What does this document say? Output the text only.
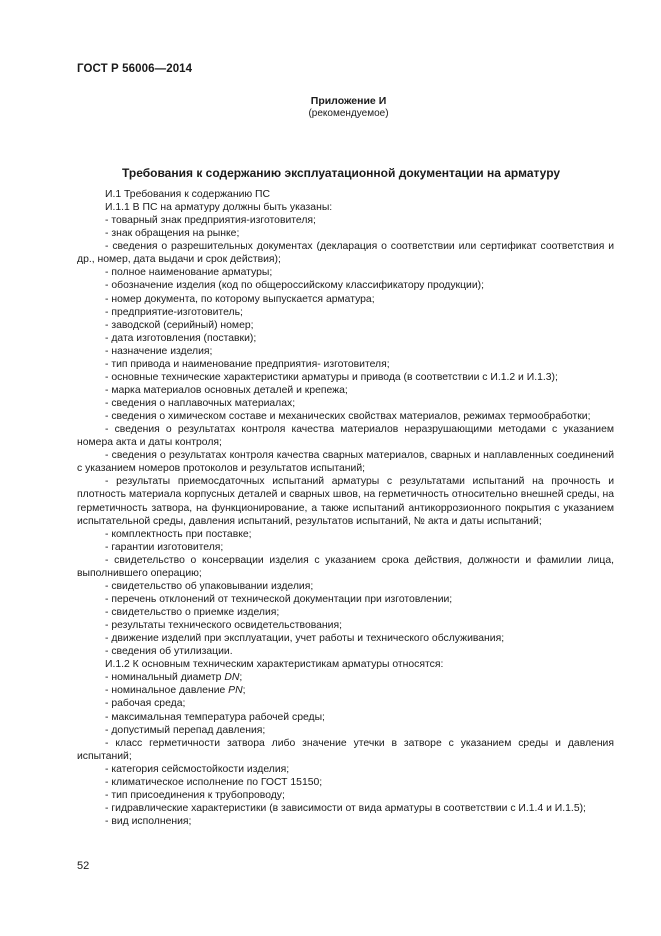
ГОСТ Р 56006—2014
Приложение И
(рекомендуемое)
Требования к содержанию эксплуатационной документации на арматуру

И.1 Требования к содержанию ПС

И.1.1 В ПС на арматуру должны быть указаны:

- товарный знак предприятия-изготовителя;

- знак обращения на рынке;

- сведения о разрешительных документах (декларация о соответствии или сертификат соответствия и др., номер, дата выдачи и срок действия);

- полное наименование арматуры;

- обозначение изделия (код по общероссийскому классификатору продукции);

- номер документа, по которому выпускается арматура;

- предприятие-изготовитель;

- заводской (серийный) номер;

- дата изготовления (поставки);

- назначение изделия;

- тип привода и наименование предприятия- изготовителя;

- основные технические характеристики арматуры и привода (в соответствии с И.1.2 и И.1.3);

- марка материалов основных деталей и крепежа;

- сведения о наплавочных материалах;

- сведения о химическом составе и механических свойствах материалов, режимах термообработки;

- сведения о результатах контроля качества материалов неразрушающими методами с указанием номера акта и даты контроля;

- сведения о результатах контроля качества сварных материалов, сварных и наплавленных соединений с указанием номеров протоколов и результатов испытаний;

- результаты приемосдаточных испытаний арматуры с результатами испытаний на прочность и плотность материала корпусных деталей и сварных швов, на герметичность относительно внешней среды, на герметичность затвора, на функционирование, а также испытаний антикоррозионного покрытия с указанием испытательной среды, давления испытаний, результатов испытаний, № акта и даты испытаний;

- комплектность при поставке;

- гарантии изготовителя;

- свидетельство о консервации изделия с указанием срока действия, должности и фамилии лица, выполнившего операцию;

- свидетельство об упаковывании изделия;

- перечень отклонений от технической документации при изготовлении;

- свидетельство о приемке изделия;

- результаты технического освидетельствования;

- движение изделий при эксплуатации, учет работы и технического обслуживания;

- сведения об утилизации.

И.1.2 К основным техническим характеристикам арматуры относятся:

- номинальный диаметр DN;

- номинальное давление PN;

- рабочая среда;

- максимальная температура рабочей среды;

- допустимый перепад давления;

- класс герметичности затвора либо значение утечки в затворе с указанием среды и давления испытаний;

- категория сейсмостойкости изделия;

- климатическое исполнение по ГОСТ 15150;

- тип присоединения к трубопроводу;

- гидравлические характеристики (в зависимости от вида арматуры в соответствии с И.1.4 и И.1.5);

- вид исполнения;

52
